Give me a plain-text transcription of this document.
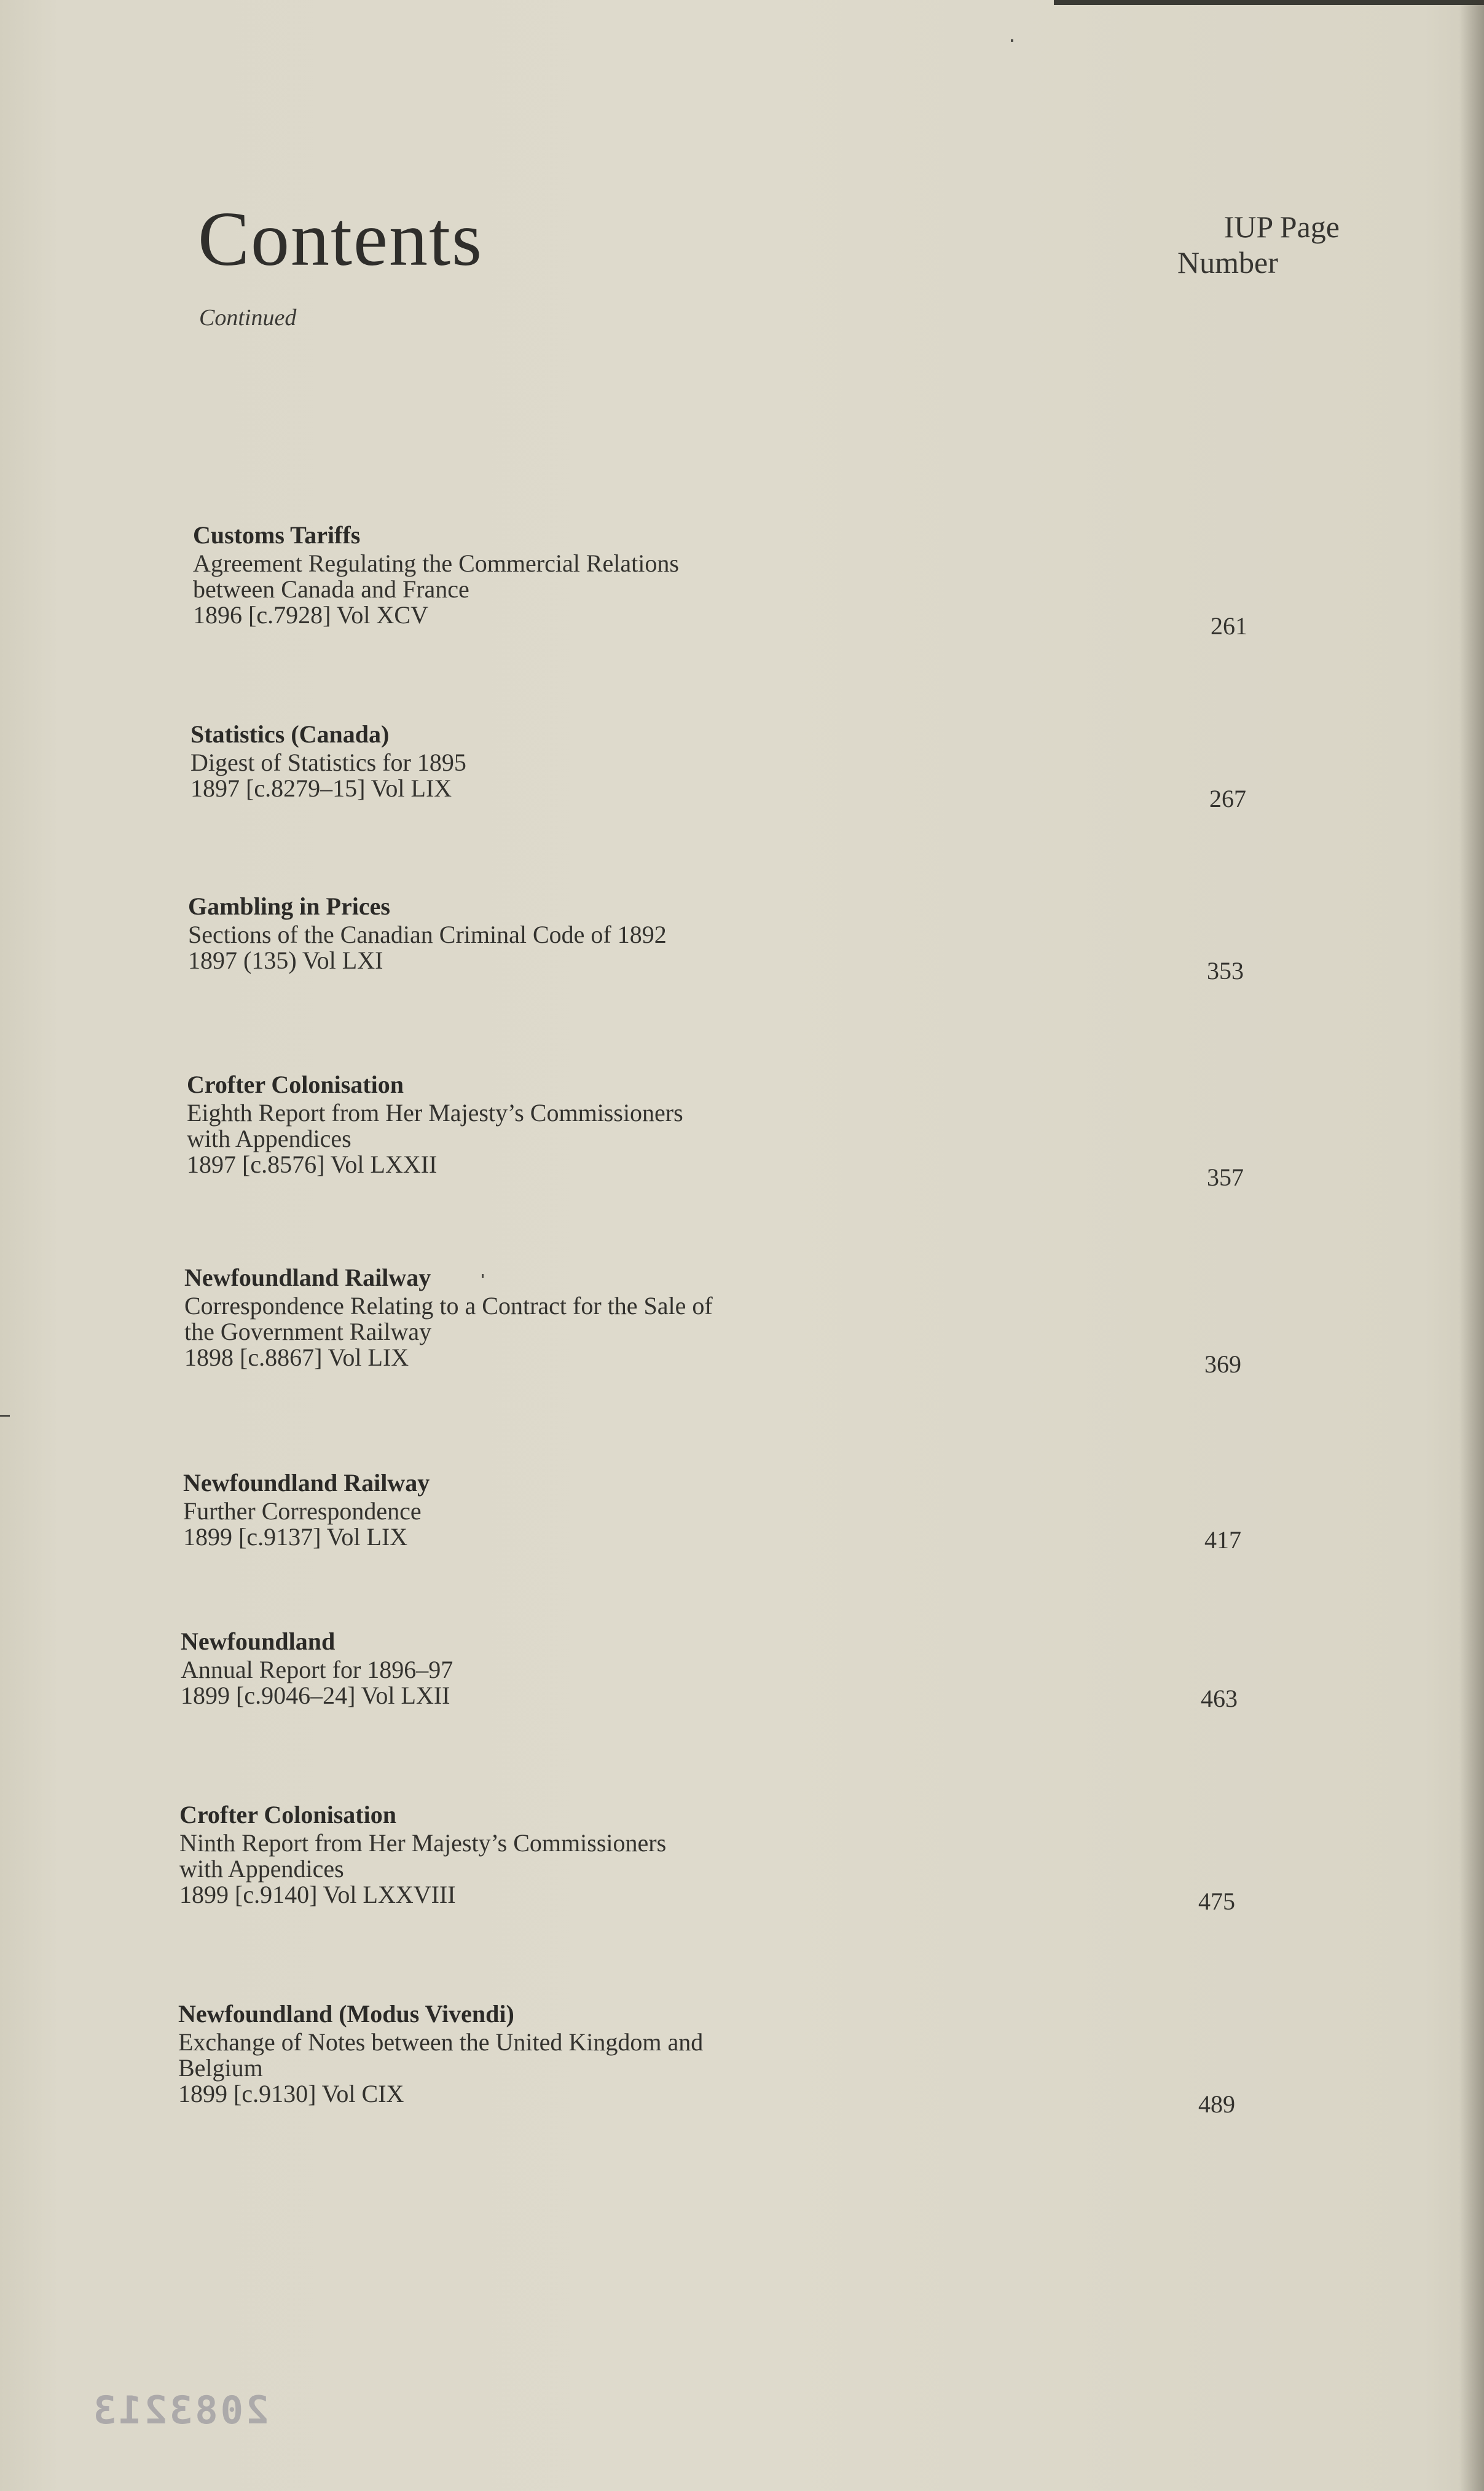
Contents
Continued
IUP Page
Number
Customs Tariffs
Agreement Regulating the Commercial Relations
between Canada and France
1896 [c.7928] Vol XCV	261
Statistics (Canada)
Digest of Statistics for 1895
1897 [c.8279–15] Vol LIX	267
Gambling in Prices
Sections of the Canadian Criminal Code of 1892
1897 (135) Vol LXI	353
Crofter Colonisation
Eighth Report from Her Majesty’s Commissioners
with Appendices
1897 [c.8576] Vol LXXII	357
Newfoundland Railway
Correspondence Relating to a Contract for the Sale of
the Government Railway
1898 [c.8867] Vol LIX	369
Newfoundland Railway
Further Correspondence
1899 [c.9137] Vol LIX	417
Newfoundland
Annual Report for 1896–97
1899 [c.9046–24] Vol LXII	463
Crofter Colonisation
Ninth Report from Her Majesty’s Commissioners
with Appendices
1899 [c.9140] Vol LXXVIII	475
Newfoundland (Modus Vivendi)
Exchange of Notes between the United Kingdom and
Belgium
1899 [c.9130] Vol CIX	489
208321З
